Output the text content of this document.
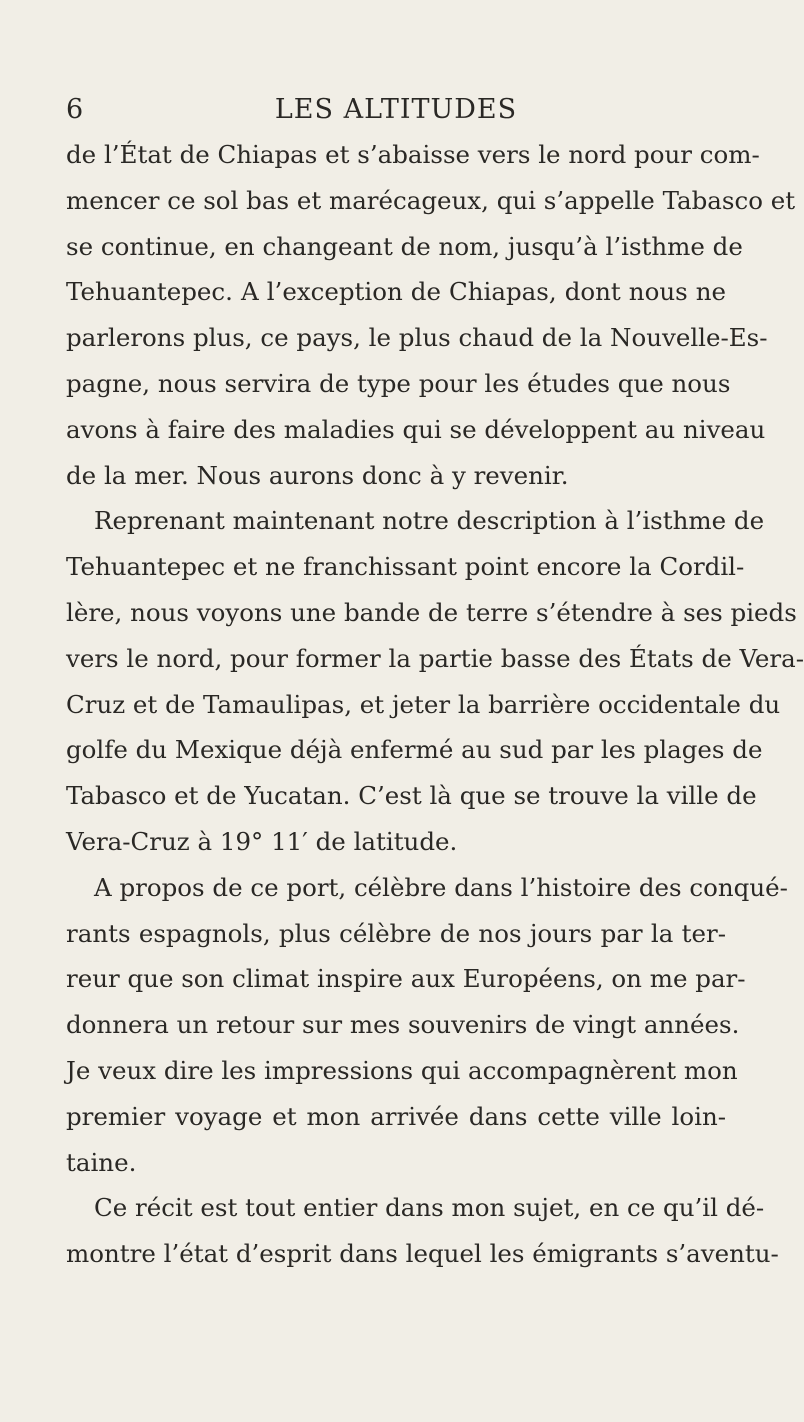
6	LES ALTITUDES
de l’État de Chiapas et s’abaisse vers le nord pour com-
mencer ce sol bas et marécageux, qui s’appelle Tabasco et
se continue, en changeant de nom, jusqu’à l’isthme de
Tehuantepec. A l’exception de Chiapas, dont nous ne
parlerons plus, ce pays, le plus chaud de la Nouvelle-Es-
pagne, nous servira de type pour les études que nous
avons à faire des maladies qui se développent au niveau
de la mer. Nous aurons donc à y revenir.
Reprenant maintenant notre description à l’isthme de
Tehuantepec et ne franchissant point encore la Cordil-
lère, nous voyons une bande de terre s’étendre à ses pieds
vers le nord, pour former la partie basse des États de Vera-
Cruz et de Tamaulipas, et jeter la barrière occidentale du
golfe du Mexique déjà enfermé au sud par les plages de
Tabasco et de Yucatan. C’est là que se trouve la ville de
Vera-Cruz à 19° 11′ de latitude.
A propos de ce port, célèbre dans l’histoire des conqué-
rants espagnols, plus célèbre de nos jours par la ter-
reur que son climat inspire aux Européens, on me par-
donnera un retour sur mes souvenirs de vingt années.
Je veux dire les impressions qui accompagnèrent mon
premier voyage et mon arrivée dans cette ville loin-
taine.
Ce récit est tout entier dans mon sujet, en ce qu’il dé-
montre l’état d’esprit dans lequel les émigrants s’aventu-
